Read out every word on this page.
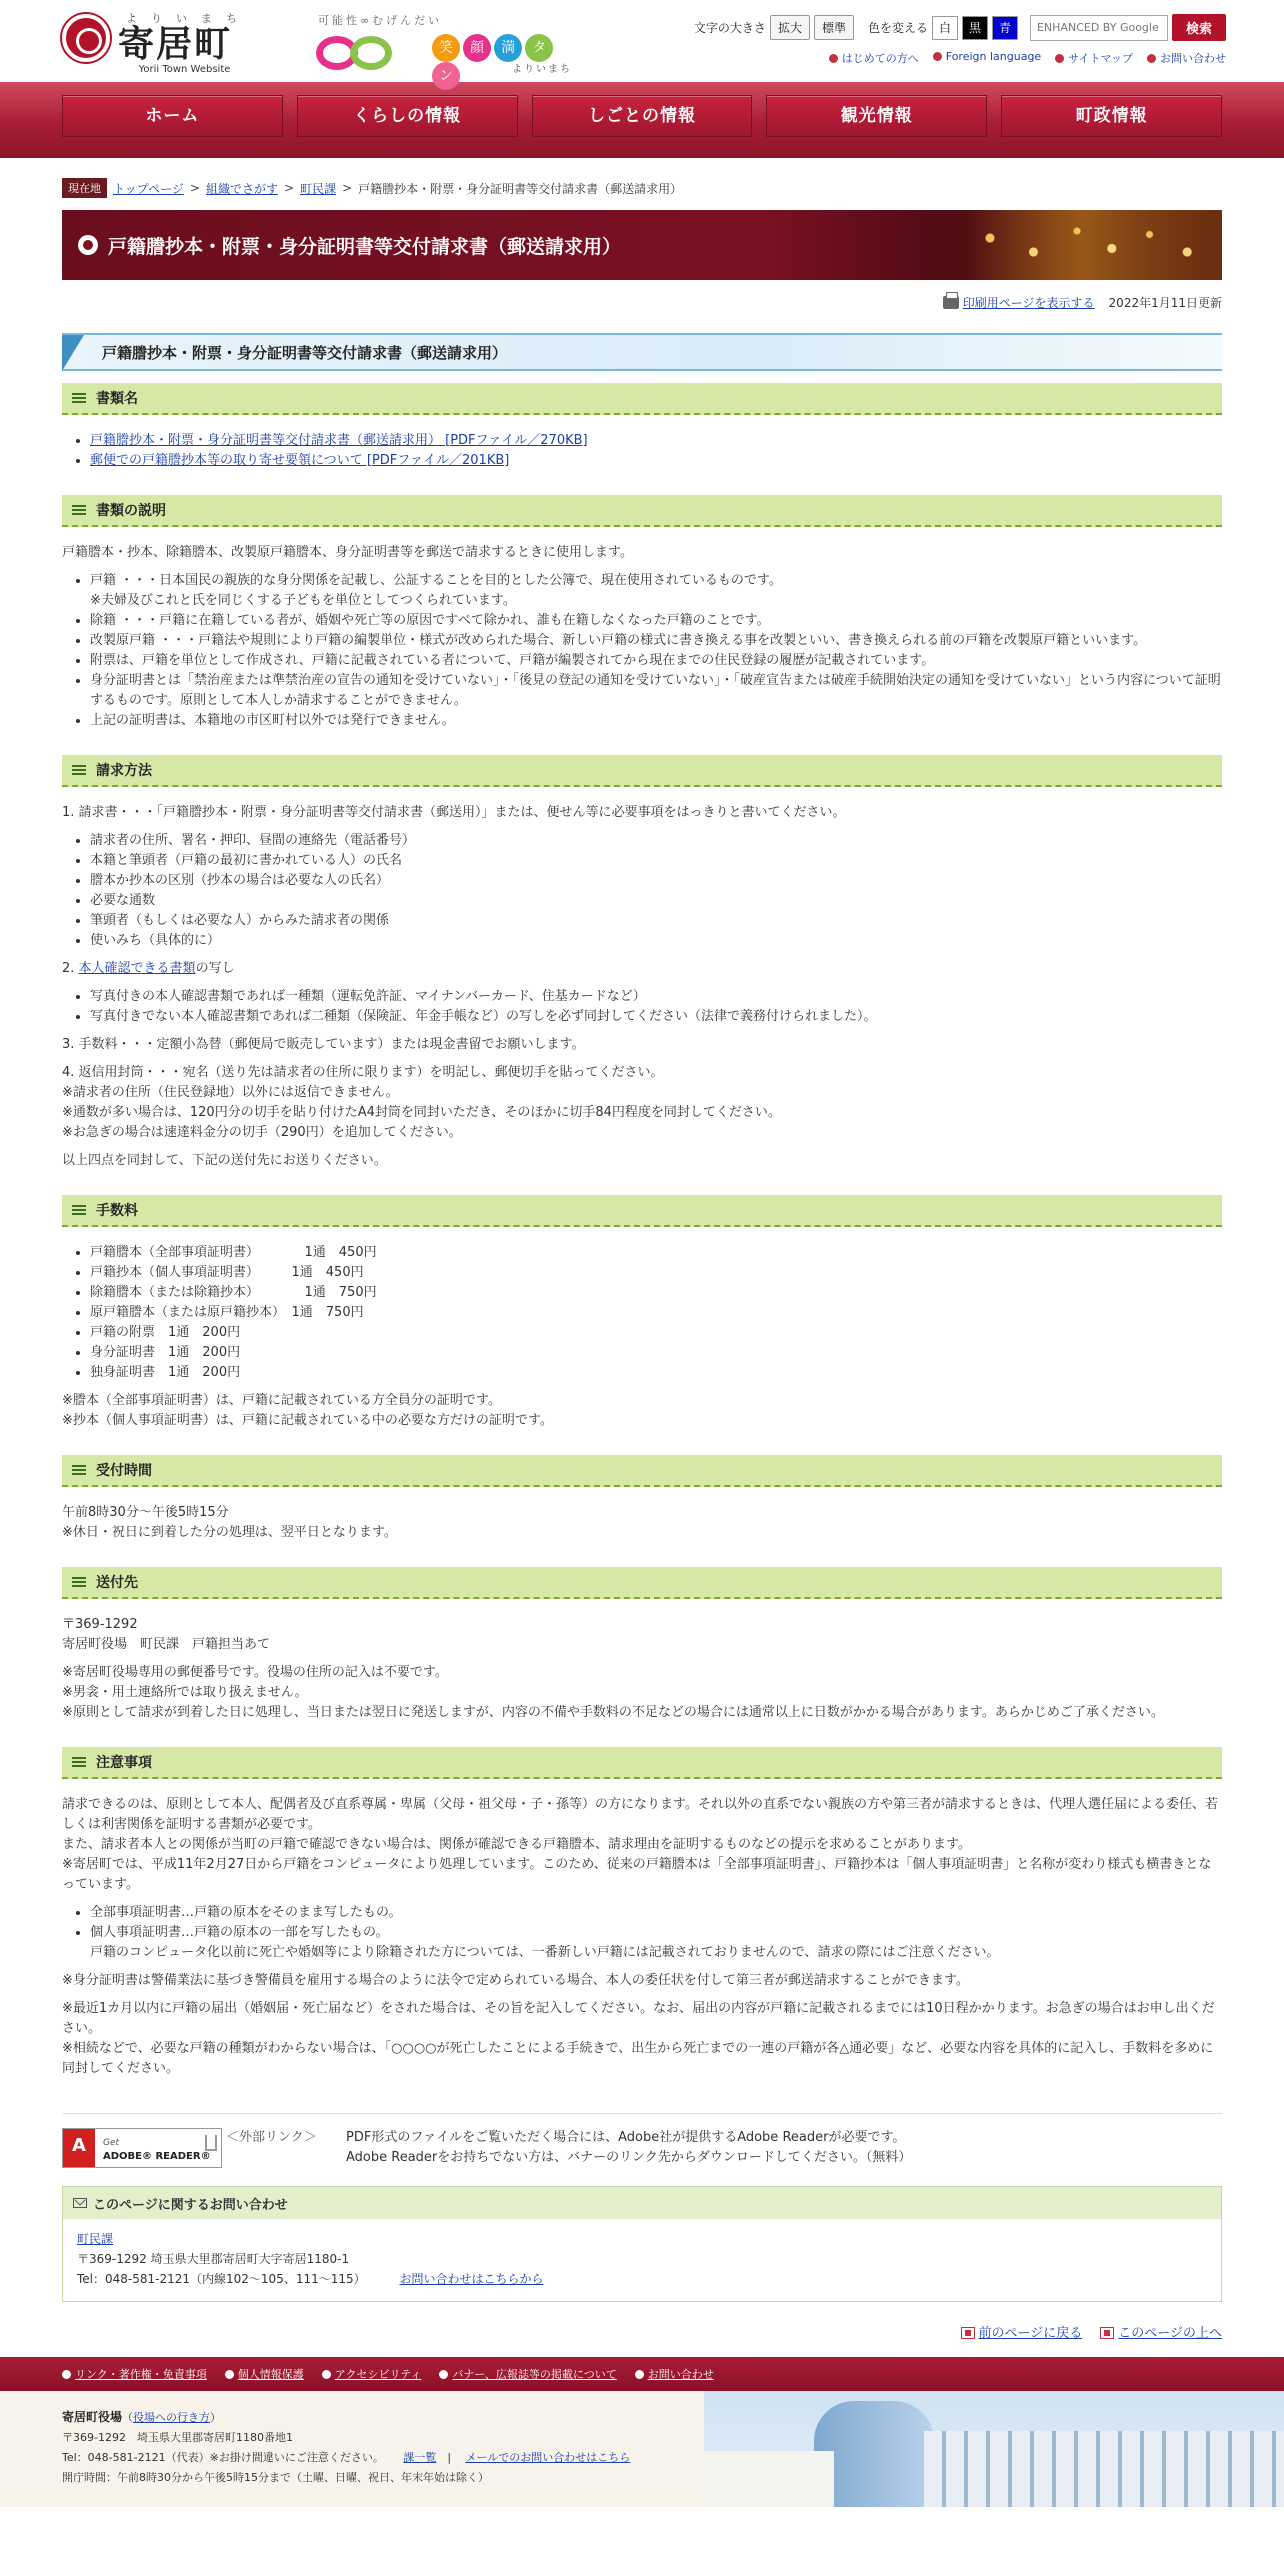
よりいまち
寄居町
Yorii Town Website
可能性∞むげんだい
笑 顔 満 タ ン	よりいまち
文字の大きさ	拡大	標準	色を変える 白	黒	青	ENHANCED BY Google	検索
はじめての方へ	Foreign language	サイトマップ	お問い合わせ
ホーム	くらしの情報	しごとの情報	観光情報	町政情報
現在地	トップページ > 組織でさがす > 町民課 > 戸籍謄抄本・附票・身分証明書等交付請求書（郵送請求用）
戸籍謄抄本・附票・身分証明書等交付請求書（郵送請求用）
印刷用ページを表示する 2022年1月11日更新
戸籍謄抄本・附票・身分証明書等交付請求書（郵送請求用）
書類名
• 戸籍謄抄本・附票・身分証明書等交付請求書（郵送請求用） [PDFファイル／270KB]
• 郵便での戸籍謄抄本等の取り寄せ要領について [PDFファイル／201KB]
書類の説明

戸籍謄本・抄本、除籍謄本、改製原戸籍謄本、身分証明書等を郵送で請求するときに使用します。

• 戸籍 ・・・日本国民の親族的な身分関係を記載し、公証することを目的とした公簿で、現在使用されているものです。
※夫婦及びこれと氏を同じくする子どもを単位としてつくられています。
• 除籍 ・・・戸籍に在籍している者が、婚姻や死亡等の原因ですべて除かれ、誰も在籍しなくなった戸籍のことです。
• 改製原戸籍 ・・・戸籍法や規則により戸籍の編製単位・様式が改められた場合、新しい戸籍の様式に書き換える事を改製といい、書き換えられる前の戸籍を改製原戸籍といいます。
• 附票は、戸籍を単位として作成され、戸籍に記載されている者について、戸籍が編製されてから現在までの住民登録の履歴が記載されています。
• 身分証明書とは「禁治産または準禁治産の宣告の通知を受けていない」・「後見の登記の通知を受けていない」・「破産宣告または破産手続開始決定の通知を受けていない」という内容について証明するものです。原則として本人しか請求することができません。
• 上記の証明書は、本籍地の市区町村以外では発行できません。
請求方法

1. 請求書・・・「戸籍謄抄本・附票・身分証明書等交付請求書（郵送用）」または、便せん等に必要事項をはっきりと書いてください。

• 請求者の住所、署名・押印、昼間の連絡先（電話番号）
• 本籍と筆頭者（戸籍の最初に書かれている人）の氏名
• 謄本か抄本の区別（抄本の場合は必要な人の氏名）
• 必要な通数
• 筆頭者（もしくは必要な人）からみた請求者の関係
• 使いみち（具体的に）

2. 本人確認できる書類の写し

• 写真付きの本人確認書類であれば一種類（運転免許証、マイナンバーカード、住基カードなど）
• 写真付きでない本人確認書類であれば二種類（保険証、年金手帳など）の写しを必ず同封してください（法律で義務付けられました）。

3. 手数料・・・定額小為替（郵便局で販売しています）または現金書留でお願いします。

4. 返信用封筒・・・宛名（送り先は請求者の住所に限ります）を明記し、郵便切手を貼ってください。
※請求者の住所（住民登録地）以外には返信できません。
※通数が多い場合は、120円分の切手を貼り付けたA4封筒を同封いただき、そのほかに切手84円程度を同封してください。
※お急ぎの場合は速達料金分の切手（290円）を追加してください。

以上四点を同封して、下記の送付先にお送りください。

手数料
• 戸籍謄本（全部事項証明書）　　　　1通　450円
• 戸籍抄本（個人事項証明書）　　　1通　450円
• 除籍謄本（または除籍抄本）　　　　1通　750円
• 原戸籍謄本（または原戸籍抄本）　1通　750円
• 戸籍の附票　1通　200円
• 身分証明書　1通　200円
• 独身証明書　1通　200円

※謄本（全部事項証明書）は、戸籍に記載されている方全員分の証明です。
※抄本（個人事項証明書）は、戸籍に記載されている中の必要な方だけの証明です。

受付時間

午前8時30分～午後5時15分
※休日・祝日に到着した分の処理は、翌平日となります。

送付先

〒369-1292
寄居町役場　町民課　戸籍担当あて

※寄居町役場専用の郵便番号です。役場の住所の記入は不要です。
※男衾・用土連絡所では取り扱えません。
※原則として請求が到着した日に処理し、当日または翌日に発送しますが、内容の不備や手数料の不足などの場合には通常以上に日数がかかる場合があります。あらかじめご了承ください。

注意事項

請求できるのは、原則として本人、配偶者及び直系尊属・卑属（父母・祖父母・子・孫等）の方になります。それ以外の直系でない親族の方や第三者が請求するときは、代理人選任届による委任、若しくは利害関係を証明する書類が必要です。
また、請求者本人との関係が当町の戸籍で確認できない場合は、関係が確認できる戸籍謄本、請求理由を証明するものなどの提示を求めることがあります。
※寄居町では、平成11年2月27日から戸籍をコンピュータにより処理しています。このため、従来の戸籍謄本は「全部事項証明書」、戸籍抄本は「個人事項証明書」と名称が変わり様式も横書きとなっています。

• 全部事項証明書…戸籍の原本をそのまま写したもの。
• 個人事項証明書…戸籍の原本の一部を写したもの。
戸籍のコンピュータ化以前に死亡や婚姻等により除籍された方については、一番新しい戸籍には記載されておりませんので、請求の際にはご注意ください。

※身分証明書は警備業法に基づき警備員を雇用する場合のように法令で定められている場合、本人の委任状を付して第三者が郵送請求することができます。

※最近1カ月以内に戸籍の届出（婚姻届・死亡届など）をされた場合は、その旨を記入してください。なお、届出の内容が戸籍に記載されるまでには10日程かかります。お急ぎの場合はお申し出ください。
※相続などで、必要な戸籍の種類がわからない場合は、「○○○○が死亡したことによる手続きで、出生から死亡までの一連の戸籍が各△通必要」など、必要な内容を具体的に記入し、手数料を多めに同封してください。

A
Get
ADOBE® READER®
＜外部リンク＞	PDF形式のファイルをご覧いただく場合には、Adobe社が提供するAdobe Readerが必要です。
Adobe Readerをお持ちでない方は、バナーのリンク先からダウンロードしてください。（無料）
このページに関するお問い合わせ
町民課
〒369-1292 埼玉県大里郡寄居町大字寄居1180-1
Tel：048-581-2121（内線102～105、111～115）	お問い合わせはこちらから
前のページに戻る	このページの上へ
リンク・著作権・免責事項	個人情報保護	アクセシビリティ	バナー、広報誌等の掲載について	お問い合わせ
寄居町役場（役場への行き方）
〒369-1292　埼玉県大里郡寄居町1180番地1
Tel：048-581-2121（代表）※お掛け間違いにご注意ください。 課一覧　|　 メールでのお問い合わせはこちら
開庁時間：午前8時30分から午後5時15分まで（土曜、日曜、祝日、年末年始は除く）
